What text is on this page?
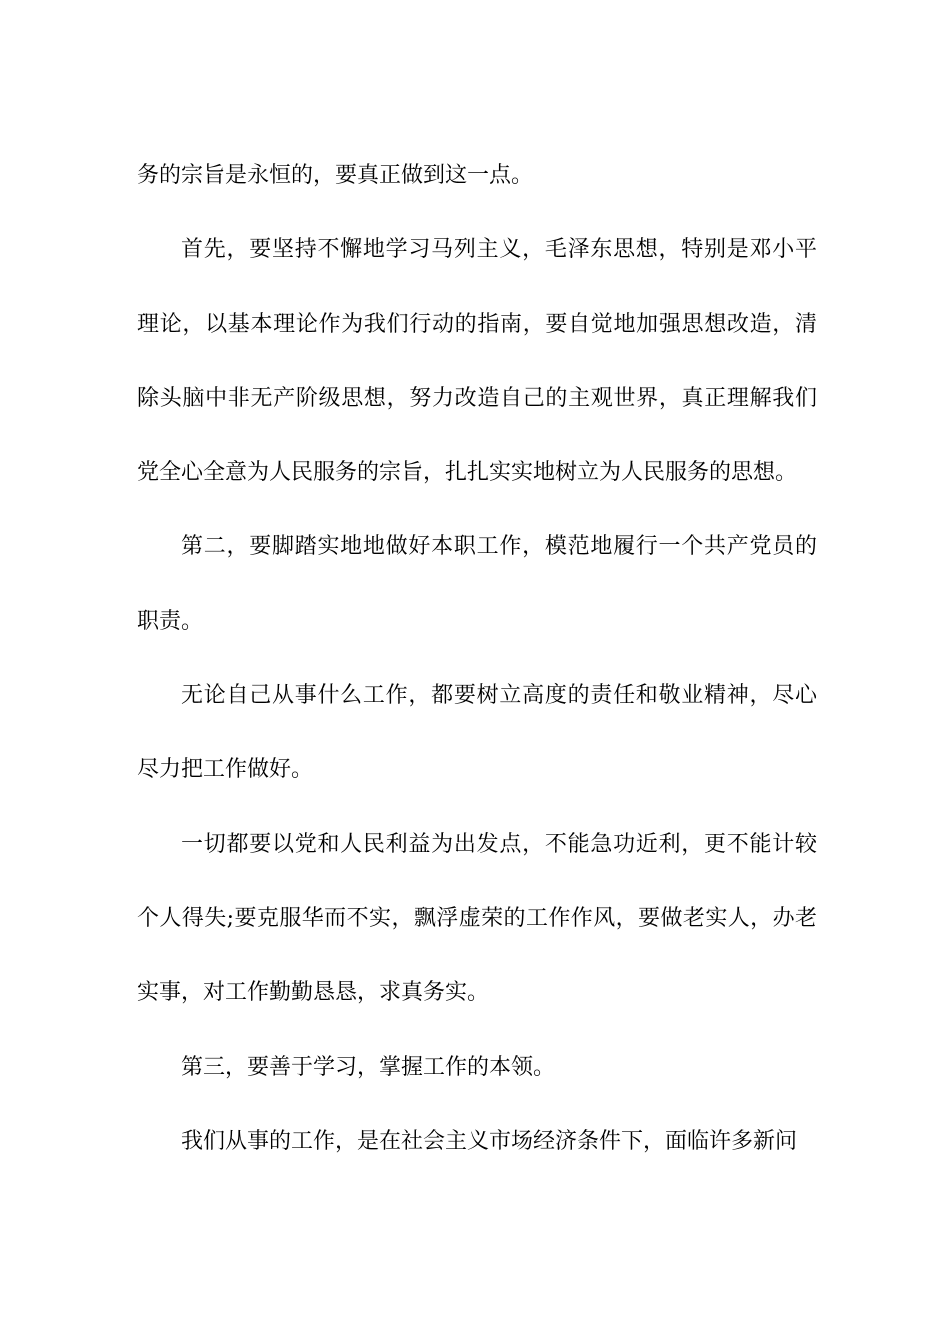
务的宗旨是永恒的，要真正做到这一点。

首先，要坚持不懈地学习马列主义，毛泽东思想，特别是邓小平理论，以基本理论作为我们行动的指南，要自觉地加强思想改造，清除头脑中非无产阶级思想，努力改造自己的主观世界，真正理解我们党全心全意为人民服务的宗旨，扎扎实实地树立为人民服务的思想。

第二，要脚踏实地地做好本职工作，模范地履行一个共产党员的职责。

无论自己从事什么工作，都要树立高度的责任和敬业精神，尽心尽力把工作做好。

一切都要以党和人民利益为出发点，不能急功近利，更不能计较个人得失;要克服华而不实，飘浮虚荣的工作作风，要做老实人，办老实事，对工作勤勤恳恳，求真务实。

第三，要善于学习，掌握工作的本领。

我们从事的工作，是在社会主义市场经济条件下，面临许多新问
